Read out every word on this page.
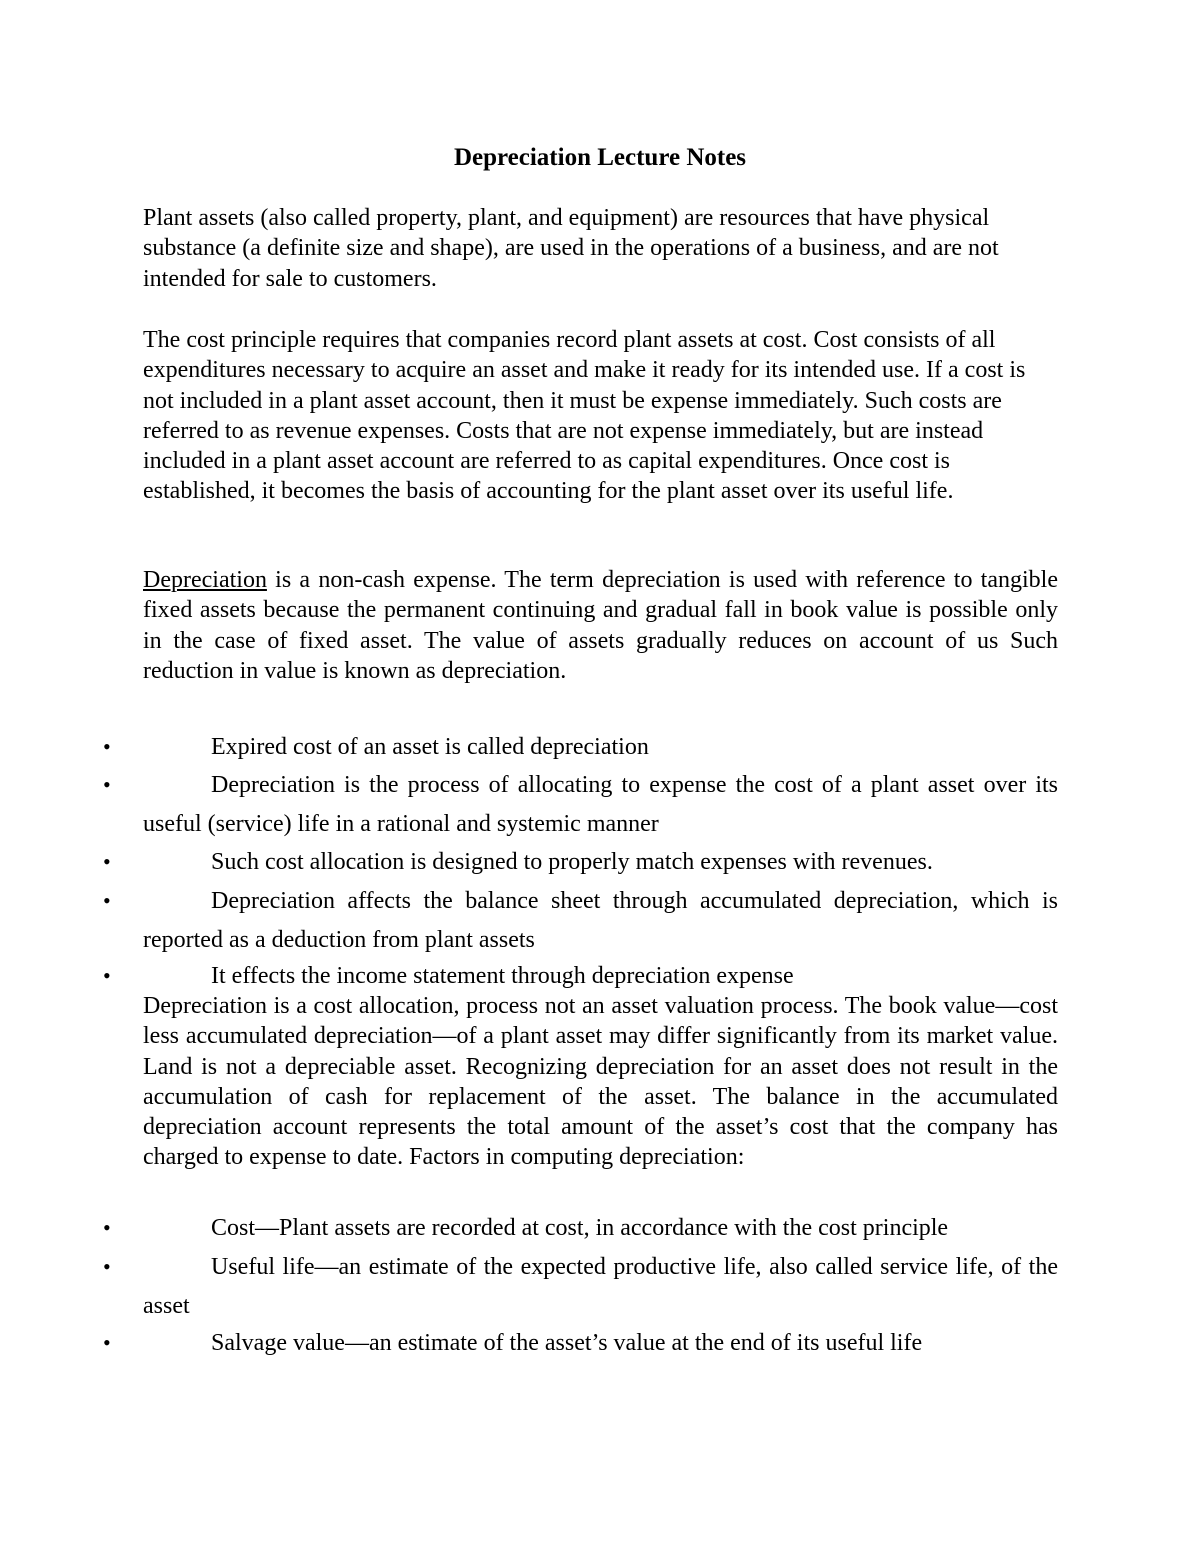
Depreciation Lecture Notes

Plant assets (also called property, plant, and equipment) are resources that have physical substance (a definite size and shape), are used in the operations of a business, and are not intended for sale to customers.

The cost principle requires that companies record plant assets at cost. Cost consists of all expenditures necessary to acquire an asset and make it ready for its intended use. If a cost is not included in a plant asset account, then it must be expense immediately. Such costs are referred to as revenue expenses. Costs that are not expense immediately, but are instead included in a plant asset account are referred to as capital expenditures. Once cost is established, it becomes the basis of accounting for the plant asset over its useful life.

Depreciation is a non-cash expense. The term depreciation is used with reference to tangible fixed assets because the permanent continuing and gradual fall in book value is possible only in the case of fixed asset. The value of assets gradually reduces on account of us Such reduction in value is known as depreciation.

•	Expired cost of an asset is called depreciation

•	Depreciation is the process of allocating to expense the cost of a plant asset over its useful (service) life in a rational and systemic manner

•	Such cost allocation is designed to properly match expenses with revenues.

•	Depreciation affects the balance sheet through accumulated depreciation, which is reported as a deduction from plant assets

•	It effects the income statement through depreciation expense

Depreciation is a cost allocation, process not an asset valuation process. The book value—cost less accumulated depreciation—of a plant asset may differ significantly from its market value. Land is not a depreciable asset. Recognizing depreciation for an asset does not result in the accumulation of cash for replacement of the asset. The balance in the accumulated depreciation account represents the total amount of the asset’s cost that the company has charged to expense to date. Factors in computing depreciation:

•	Cost—Plant assets are recorded at cost, in accordance with the cost principle

•	Useful life—an estimate of the expected productive life, also called service life, of the asset

•	Salvage value—an estimate of the asset’s value at the end of its useful life
